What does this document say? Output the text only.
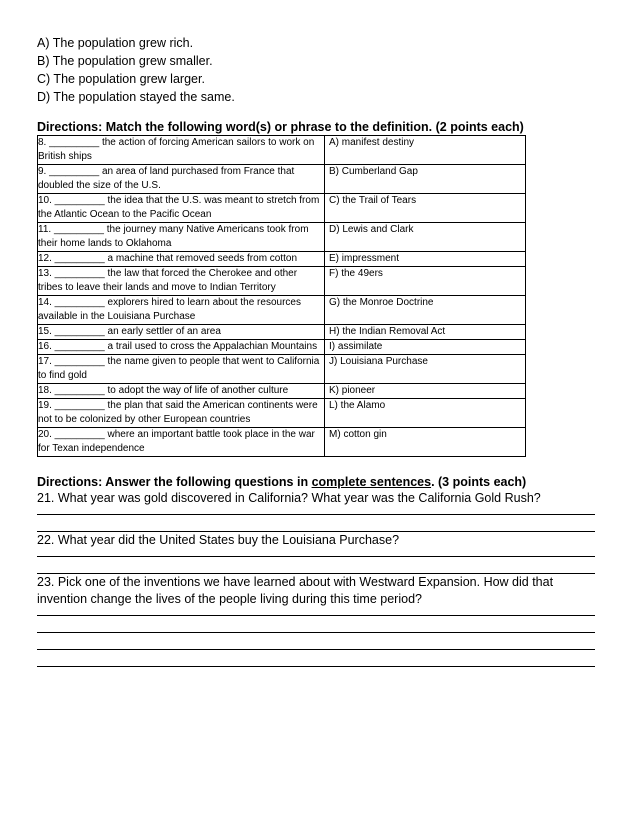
A) The population grew rich.
B) The population grew smaller.
C) The population grew larger.
D) The population stayed the same.
Directions: Match the following word(s) or phrase to the definition. (2 points each)
8. _________ the action of forcing American sailors to work on British ships	A) manifest destiny
9. _________ an area of land purchased from France that doubled the size of the U.S.	B) Cumberland Gap
10. _________ the idea that the U.S. was meant to stretch from the Atlantic Ocean to the Pacific Ocean	C) the Trail of Tears
11. _________ the journey many Native Americans took from their home lands to Oklahoma	D) Lewis and Clark
12. _________ a machine that removed seeds from cotton	E) impressment
13. _________ the law that forced the Cherokee and other tribes to leave their lands and move to Indian Territory	F) the 49ers
14. _________ explorers hired to learn about the resources available in the Louisiana Purchase	G) the Monroe Doctrine
15. _________ an early settler of an area	H) the Indian Removal Act
16. _________ a trail used to cross the Appalachian Mountains	I) assimilate
17. _________ the name given to people that went to California to find gold	J) Louisiana Purchase
18. _________ to adopt the way of life of another culture	K) pioneer
19. _________ the plan that said the American continents were not to be colonized by other European countries	L) the Alamo
20. _________ where an important battle took place in the war for Texan independence	M) cotton gin
Directions: Answer the following questions in complete sentences. (3 points each)
21. What year was gold discovered in California? What year was the California Gold Rush?
22. What year did the United States buy the Louisiana Purchase?
23. Pick one of the inventions we have learned about with Westward Expansion. How did that
invention change the lives of the people living during this time period?
